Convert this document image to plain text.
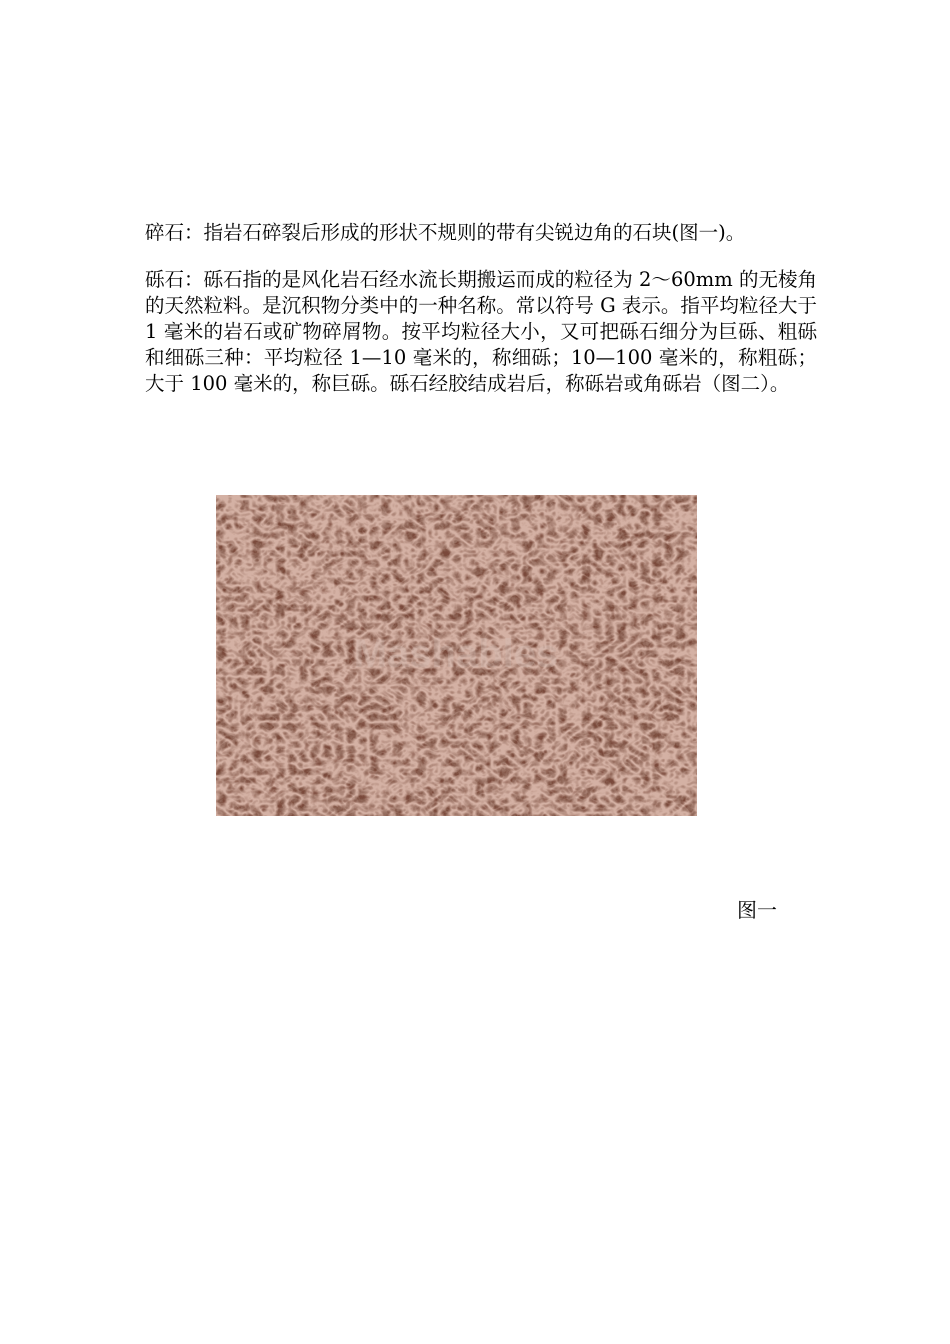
碎石：指岩石碎裂后形成的形状不规则的带有尖锐边角的石块(图一)。

砾石：砾石指的是风化岩石经水流长期搬运而成的粒径为 2～60mm 的无棱角的天然粒料。是沉积物分类中的一种名称。常以符号 G 表示。指平均粒径大于 1 毫米的岩石或矿物碎屑物。按平均粒径大小，又可把砾石细分为巨砾、粗砾和细砾三种：平均粒径 1—10 毫米的，称细砾；10—100 毫米的，称粗砾；大于 100 毫米的，称巨砾。砾石经胶结成岩后，称砾岩或角砾岩（图二）。

Mashables

图一
